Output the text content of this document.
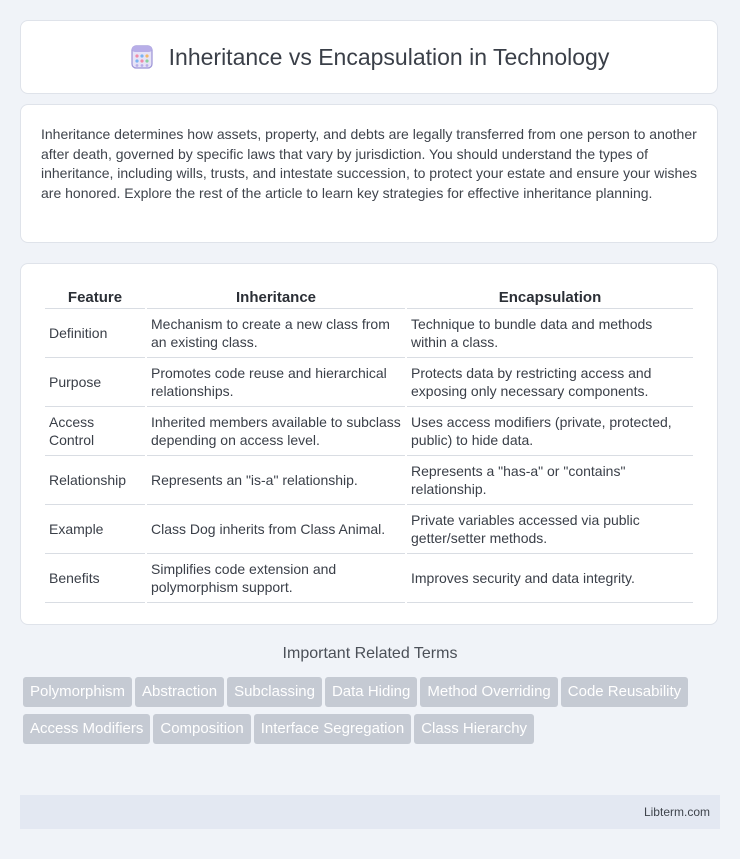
Inheritance vs Encapsulation in Technology

Inheritance determines how assets, property, and debts are legally transferred from one person to another after death, governed by specific laws that vary by jurisdiction. You should understand the types of inheritance, including wills, trusts, and intestate succession, to protect your estate and ensure your wishes are honored. Explore the rest of the article to learn key strategies for effective inheritance planning.

Feature	Inheritance	Encapsulation
Definition	Mechanism to create a new class from an existing class.	Technique to bundle data and methods within a class.
Purpose	Promotes code reuse and hierarchical relationships.	Protects data by restricting access and exposing only necessary components.
Access Control	Inherited members available to subclass depending on access level.	Uses access modifiers (private, protected, public) to hide data.
Relationship	Represents an "is-a" relationship.	Represents a "has-a" or "contains" relationship.
Example	Class Dog inherits from Class Animal.	Private variables accessed via public getter/setter methods.
Benefits	Simplifies code extension and polymorphism support.	Improves security and data integrity.
Important Related Terms
Polymorphism Abstraction Subclassing Data Hiding Method Overriding Code ReusabilityAccess Modifiers Composition Interface Segregation Class Hierarchy
Libterm.com
